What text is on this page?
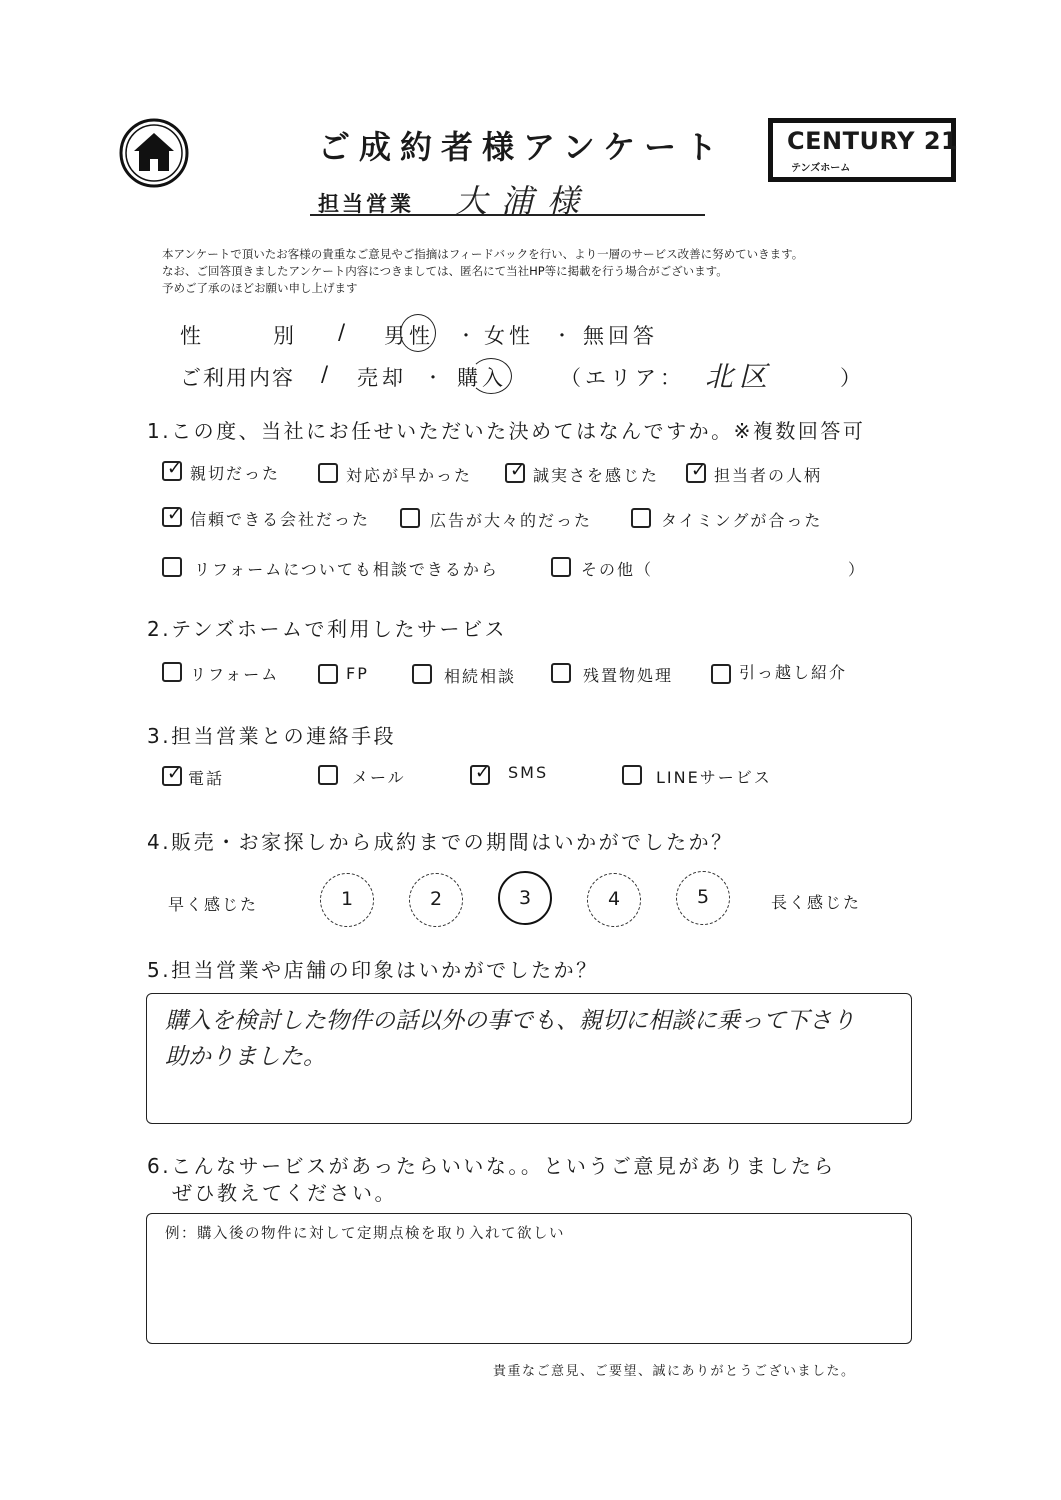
ご成約者様アンケート	CENTURY 21
テンズホーム
担当営業 大浦様
本アンケートで頂いたお客様の貴重なご意見やご指摘はフィードバックを行い、より一層のサービス改善に努めていきます。
なお、ご回答頂きましたアンケート内容につきましては、匿名にて当社HP等に掲載を行う場合がございます。
予めご了承のほどお願い申し上げます
性　　別 / 男性 ・ 女性 ・ 無回答
ご利用内容 / 売却 ・ 購入	（エリア： 北区	）
1.この度、当社にお任せいただいた決めてはなんですか。※複数回答可
✓ 親切だった	対応が早かった ✓ 誠実さを感じた ✓ 担当者の人柄
✓ 信頼できる会社だった	広告が大々的だった	タイミングが合った
リフォームについても相談できるから	その他（	）
2.テンズホームで利用したサービス
リフォーム	FP	相続相談	残置物処理	引っ越し紹介
3.担当営業との連絡手段
✓ 電話	メール	✓ SMS	LINEサービス
4.販売・お家探しから成約までの期間はいかがでしたか？
早く感じた	1	2	3	4	5	長く感じた
5.担当営業や店舗の印象はいかがでしたか？
購入を検討した物件の話以外の事でも、親切に相談に乗って下さり
助かりました。
6.こんなサービスがあったらいいな。。というご意見がありましたら
ぜひ教えてください。
例：購入後の物件に対して定期点検を取り入れて欲しい
貴重なご意見、ご要望、誠にありがとうございました。
